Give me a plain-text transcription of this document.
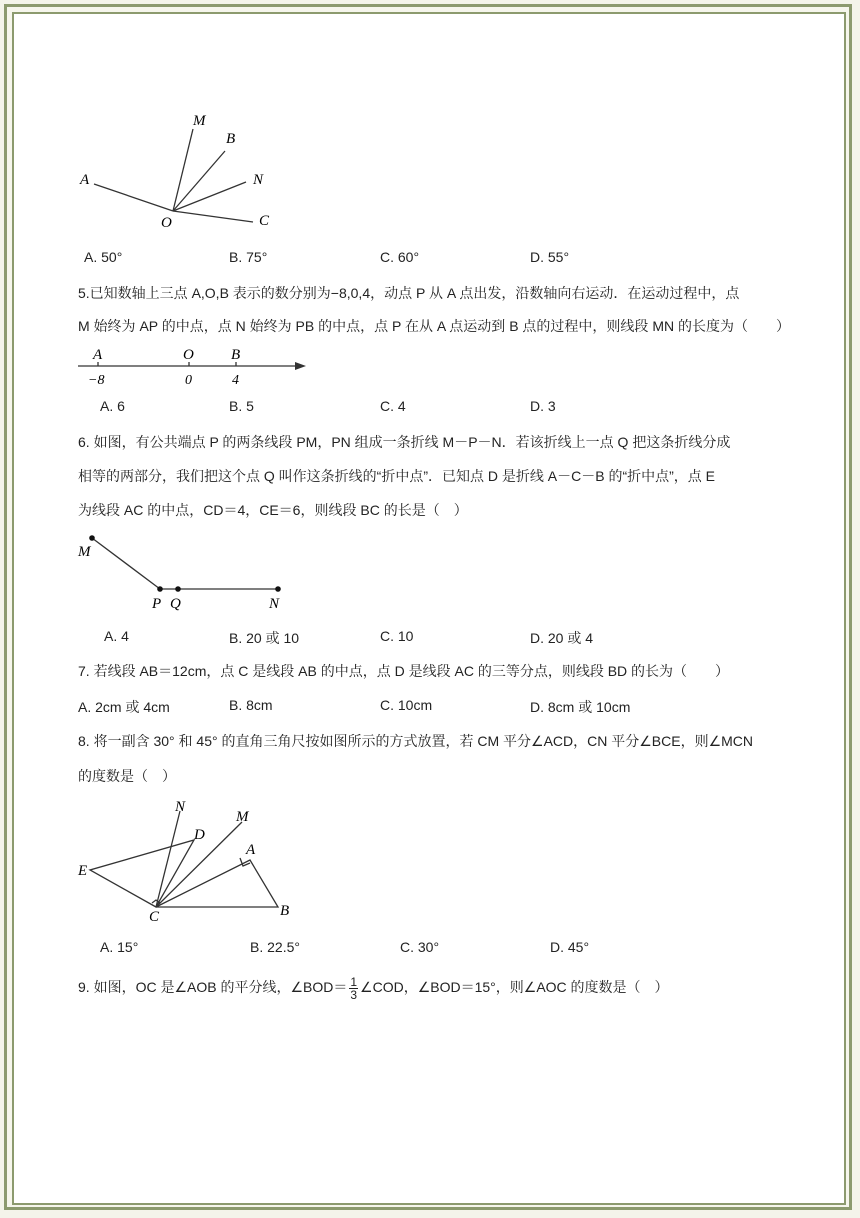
M
B
A	N
O	C
A. 50°	B. 75°	C. 60°	D. 55°
5.已知数轴上三点 A,O,B 表示的数分别为−8,0,4，动点 P 从 A 点出发，沿数轴向右运动．在运动过程中，点
M 始终为 AP 的中点，点 N 始终为 PB 的中点，点 P 在从 A 点运动到 B 点的过程中，则线段 MN 的长度为（　　）
A	O B
−8	0	4
A. 6	B. 5	C. 4	D. 3
6. 如图，有公共端点 P 的两条线段 PM，PN 组成一条折线 M－P－N．若该折线上一点 Q 把这条折线分成
相等的两部分，我们把这个点 Q 叫作这条折线的“折中点”．已知点 D 是折线 A－C－B 的“折中点”，点 E
为线段 AC 的中点，CD＝4，CE＝6，则线段 BC 的长是（　）
M
P Q	N
A. 4	B. 20 或 10	C. 10	D. 20 或 4
7. 若线段 AB＝12cm，点 C 是线段 AB 的中点，点 D 是线段 AC 的三等分点，则线段 BD 的长为（　　）
A. 2cm 或 4cm	B. 8cm	C. 10cm	D. 8cm 或 10cm
8. 将一副含 30° 和 45° 的直角三角尺按如图所示的方式放置，若 CM 平分∠ACD，CN 平分∠BCE，则∠MCN
的度数是（　）
N
D
M
A
E
C	B
A. 15°	B. 22.5°	C. 30°	D. 45°
9. 如图，OC 是∠AOB 的平分线，∠BOD＝ $\frac{1}{3}$ ∠COD，∠BOD＝15°，则∠AOC 的度数是（　）
